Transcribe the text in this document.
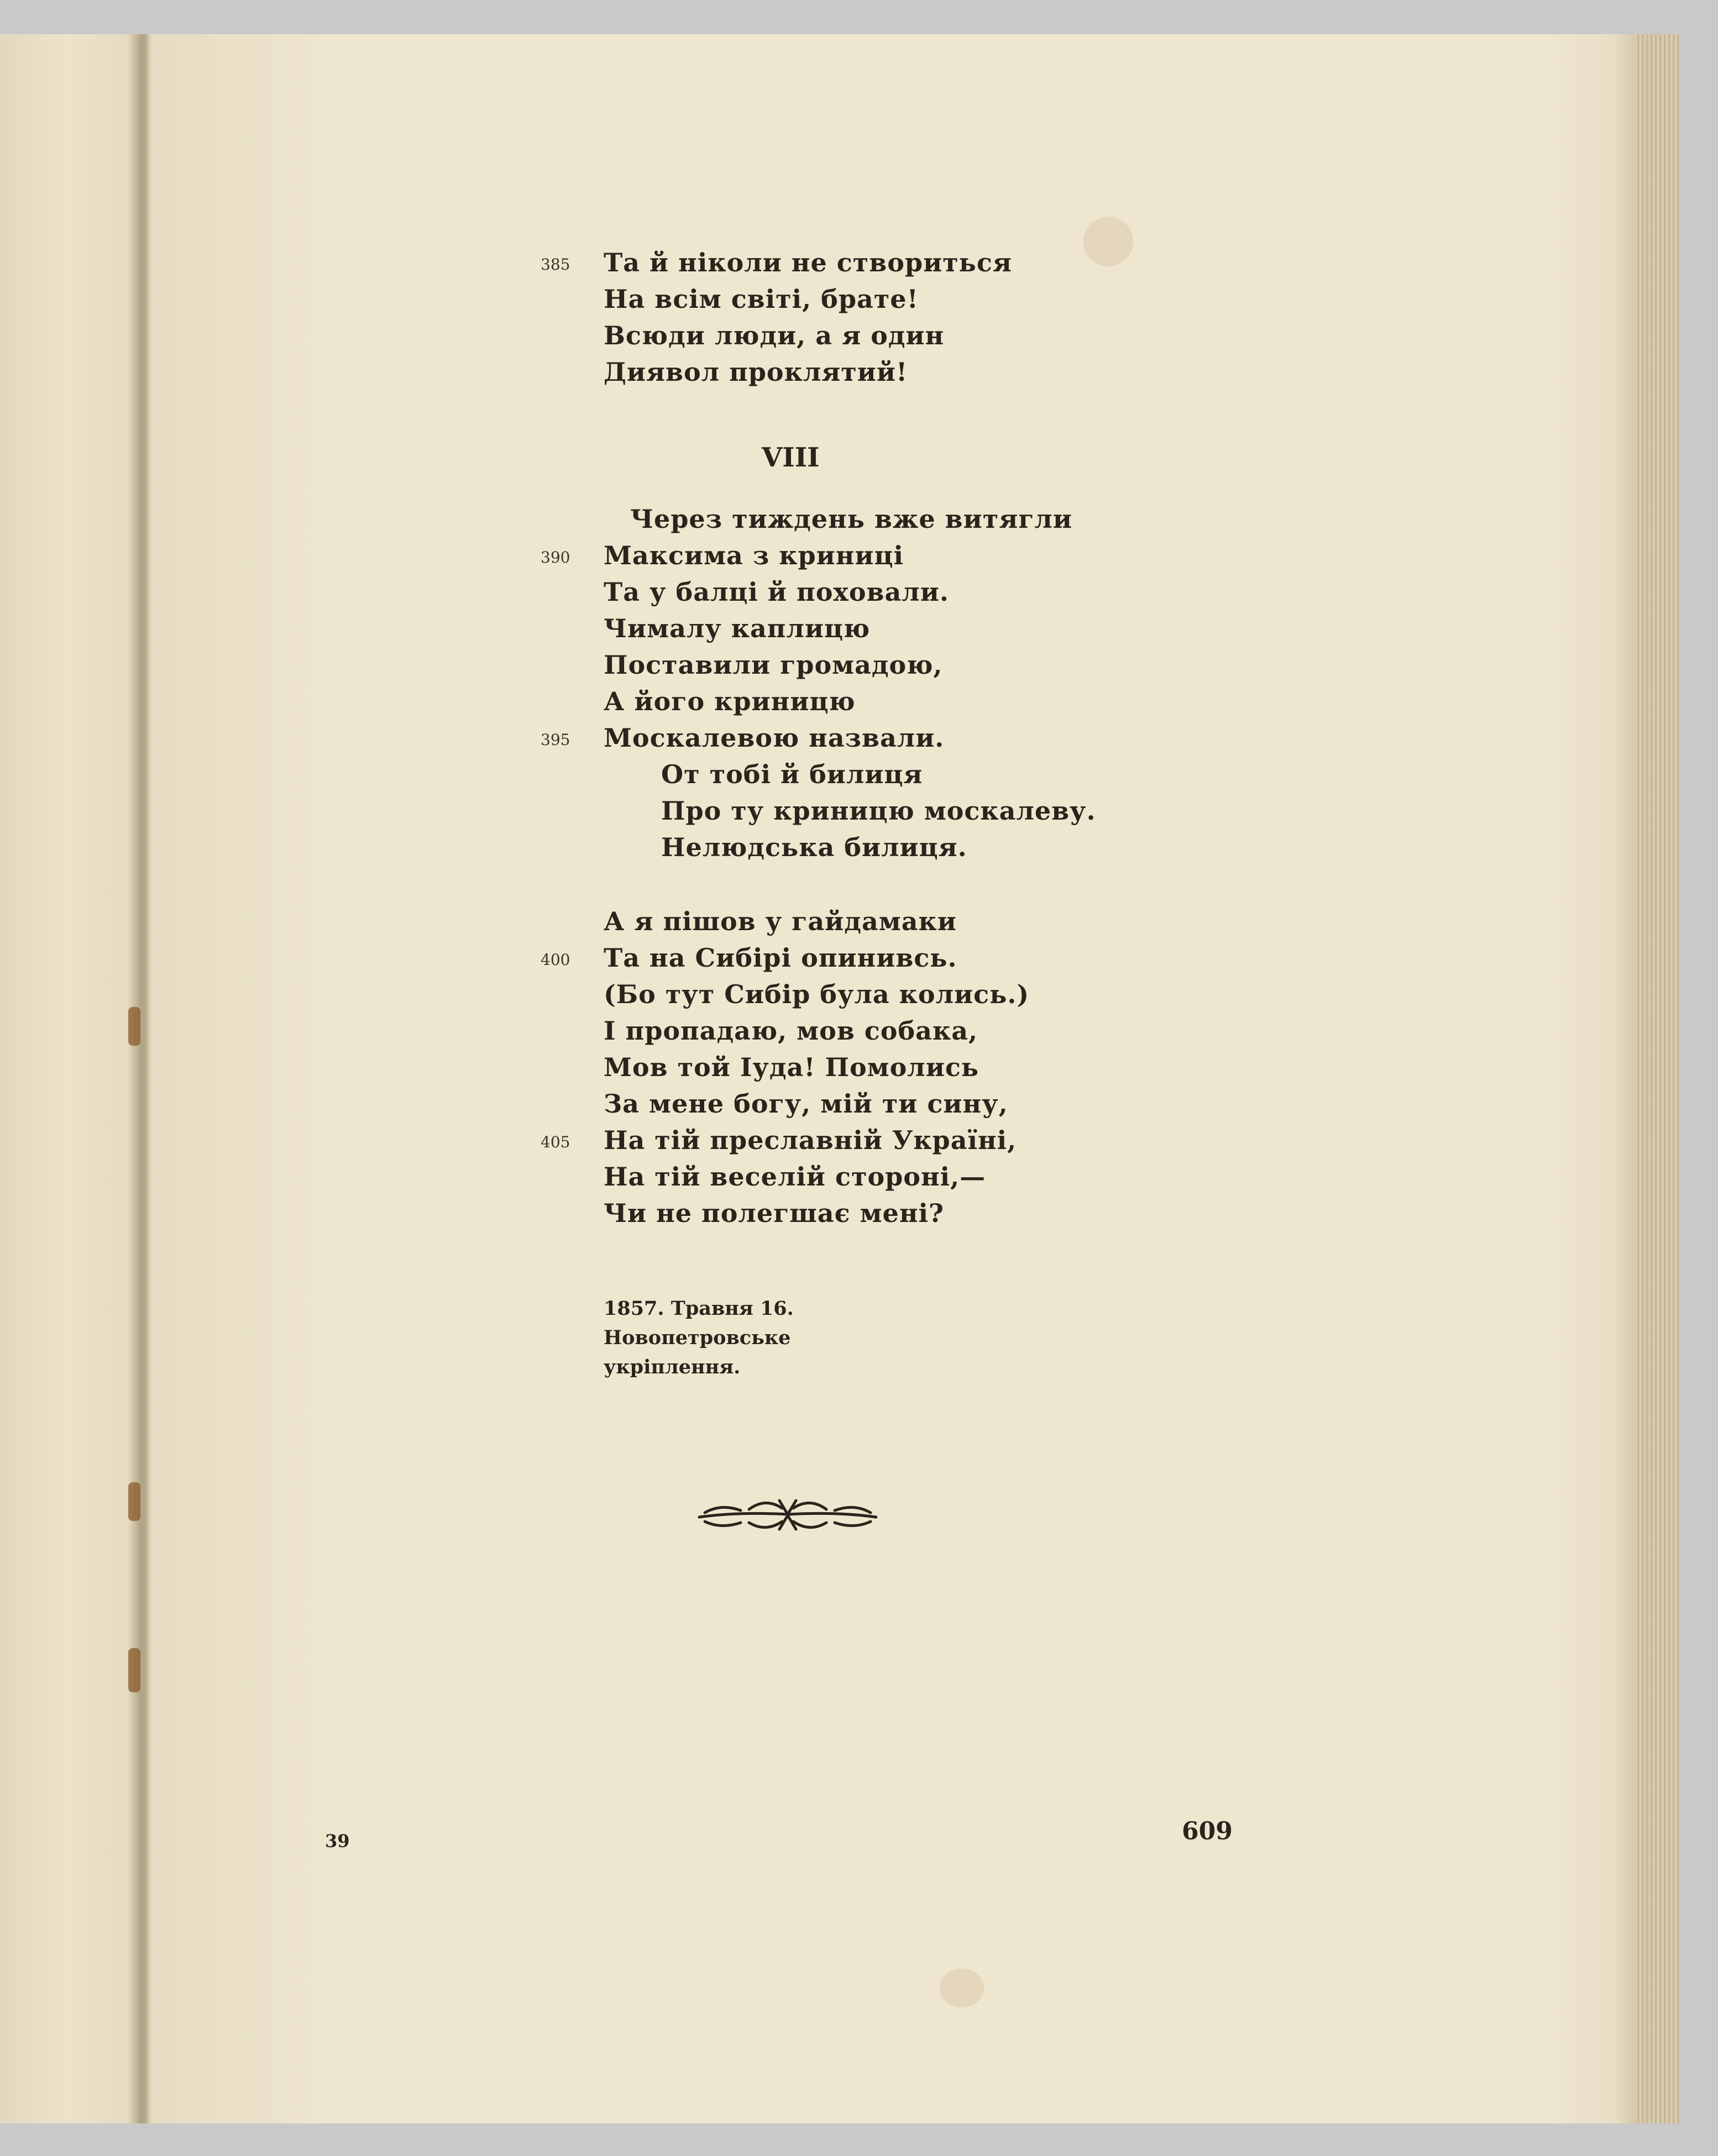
385 Та й ніколи не створиться
На всім світі, брате!
Всюди люди, а я один
Диявол проклятий!
VIII
Через тиждень вже витягли
390 Максима з криниці
Та у балці й поховали.
Чималу каплицю
Поставили громадою,
А його криницю
395 Москалевою назвали.
От тобі й билиця
Про ту криницю москалеву.
Нелюдська билиця.
А я пішов у гайдамаки
400 Та на Сибірі опинивсь.
(Бо тут Сибір була колись.)
І пропадаю, мов собака,
Мов той Іуда! Помолись
За мене богу, мій ти сину,
405 На тій преславній Україні,
На тій веселій стороні,—
Чи не полегшає мені?
1857. Травня 16.
Новопетровське
укріплення.
39	609
